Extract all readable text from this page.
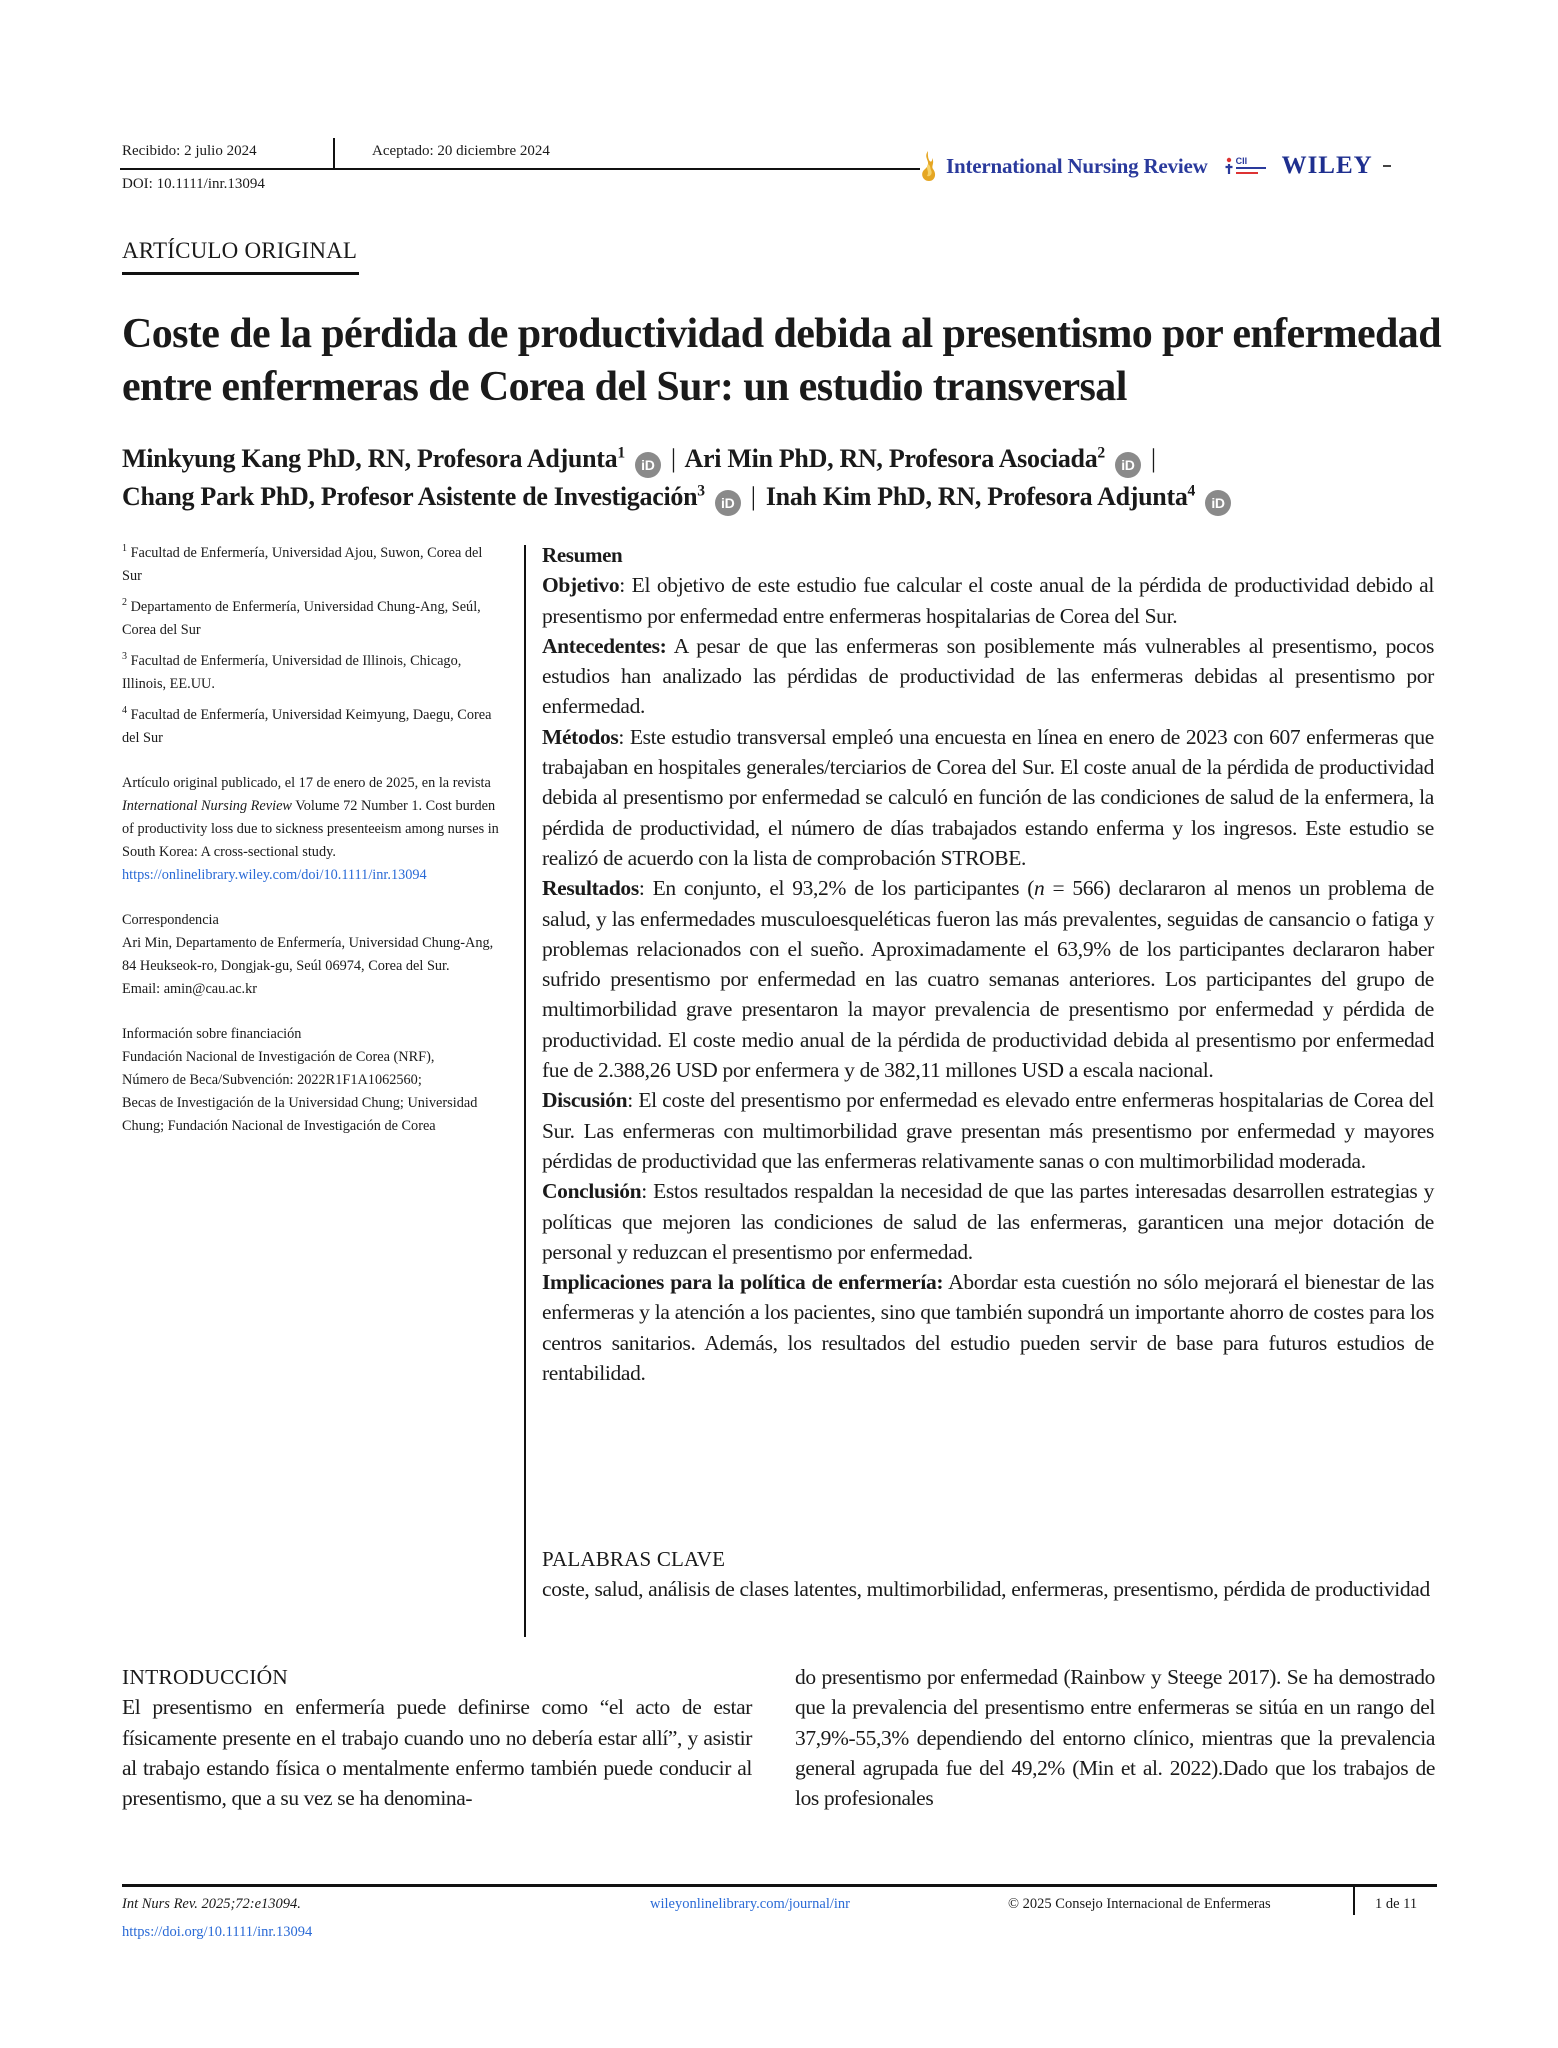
Recibido: 2 julio 2024	Aceptado: 20 diciembre 2024
DOI: 10.1111/inr.13094
International Nursing Review	CII WILEY
ARTÍCULO ORIGINAL
Coste de la pérdida de productividad debida al presentismo por enfermedad entre enfermeras de Corea del Sur: un estudio transversal
Minkyung Kang PhD, RN, Profesora Adjunta$^1$iD | Ari Min PhD, RN, Profesora Asociada$^2$iD |
Chang Park PhD, Profesor Asistente de Investigación$^3$iD | Inah Kim PhD, RN, Profesora Adjunta$^4$iD
$^1$ Facultad de Enfermería, Universidad Ajou, Suwon, Corea del Sur
$^2$ Departamento de Enfermería, Universidad Chung-Ang, Seúl, Corea del Sur
$^3$ Facultad de Enfermería, Universidad de Illinois, Chicago, Illinois, EE.UU.
$^4$ Facultad de Enfermería, Universidad Keimyung, Daegu, Corea del Sur
Artículo original publicado, el 17 de enero de 2025, en la revista International Nursing Review Volume 72 Number 1. Cost burden of productivity loss due to sickness presenteeism among nurses in South Korea: A cross-sectional study.
https://onlinelibrary.wiley.com/doi/10.1111/inr.13094
Correspondencia
Ari Min, Departamento de Enfermería, Universidad Chung-Ang, 84 Heukseok-ro, Dongjak-gu, Seúl 06974, Corea del Sur.
Email: amin@cau.ac.kr
Información sobre financiación
Fundación Nacional de Investigación de Corea (NRF),
Número de Beca/Subvención: 2022R1F1A1062560;
Becas de Investigación de la Universidad Chung; Universidad Chung; Fundación Nacional de Investigación de Corea
Resumen

Objetivo: El objetivo de este estudio fue calcular el coste anual de la pérdida de productividad debido al presentismo por enfermedad entre enfermeras hospitalarias de Corea del Sur.

Antecedentes: A pesar de que las enfermeras son posiblemente más vulnerables al presentismo, pocos estudios han analizado las pérdidas de productividad de las enfermeras debidas al presentismo por enfermedad.

Métodos: Este estudio transversal empleó una encuesta en línea en enero de 2023 con 607 enfermeras que trabajaban en hospitales generales/terciarios de Corea del Sur. El coste anual de la pérdida de productividad debida al presentismo por enfermedad se calculó en función de las condiciones de salud de la enfermera, la pérdida de productividad, el número de días trabajados estando enferma y los ingresos. Este estudio se realizó de acuerdo con la lista de comprobación STROBE.

Resultados: En conjunto, el 93,2% de los participantes (n = 566) declararon al menos un problema de salud, y las enfermedades musculoesqueléticas fueron las más prevalentes, seguidas de cansancio o fatiga y problemas relacionados con el sueño. Aproximadamente el 63,9% de los participantes declararon haber sufrido presentismo por enfermedad en las cuatro semanas anteriores. Los participantes del grupo de multimorbilidad grave presentaron la mayor prevalencia de presentismo por enfermedad y pérdida de productividad. El coste medio anual de la pérdida de productividad debida al presentismo por enfermedad fue de 2.388,26 USD por enfermera y de 382,11 millones USD a escala nacional.

Discusión: El coste del presentismo por enfermedad es elevado entre enfermeras hospitalarias de Corea del Sur. Las enfermeras con multimorbilidad grave presentan más presentismo por enfermedad y mayores pérdidas de productividad que las enfermeras relativamente sanas o con multimorbilidad moderada.

Conclusión: Estos resultados respaldan la necesidad de que las partes interesadas desarrollen estrategias y políticas que mejoren las condiciones de salud de las enfermeras, garanticen una mejor dotación de personal y reduzcan el presentismo por enfermedad.

Implicaciones para la política de enfermería: Abordar esta cuestión no sólo mejorará el bienestar de las enfermeras y la atención a los pacientes, sino que también supondrá un importante ahorro de costes para los centros sanitarios. Además, los resultados del estudio pueden servir de base para futuros estudios de rentabilidad.

PALABRAS CLAVE
coste, salud, análisis de clases latentes, multimorbilidad, enfermeras, presentismo, pérdida de productividad
INTRODUCCIÓN
El presentismo en enfermería puede definirse como “el acto de estar físicamente presente en el trabajo cuando uno no debería estar allí”, y asistir al trabajo estando física o mentalmente enfermo también puede conducir al presentismo, que a su vez se ha denomina-
do presentismo por enfermedad (Rainbow y Steege 2017). Se ha demostrado que la prevalencia del presentismo entre enfermeras se sitúa en un rango del 37,9%-55,3% dependiendo del entorno clínico, mientras que la prevalencia general agrupada fue del 49,2% (Min et al. 2022).Dado que los trabajos de los profesionales
Int Nurs Rev. 2025;72:e13094.	wileyonlinelibrary.com/journal/inr	© 2025 Consejo Internacional de Enfermeras	1 de 11
https://doi.org/10.1111/inr.13094
